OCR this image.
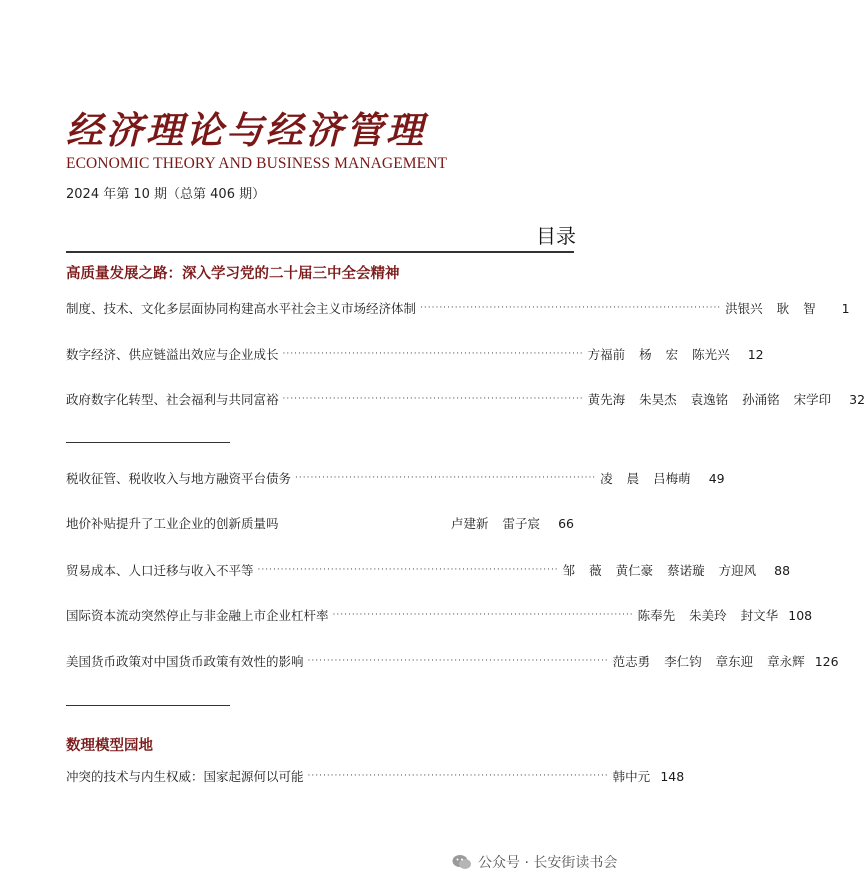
经济理论与经济管理
ECONOMIC THEORY AND BUSINESS MANAGEMENT
2024 年第 10 期（总第 406 期）
目录
高质量发展之路：深入学习党的二十届三中全会精神
制度、技术、文化多层面协同构建高水平社会主义市场经济体制 ·············································································· 洪银兴 耿 智	1
数字经济、供应链溢出效应与企业成长 ·············································································· 方福前 杨 宏 陈光兴	12
政府数字化转型、社会福利与共同富裕 ·············································································· 黄先海 朱昊杰 袁逸铭 孙涌铭 宋学印	32
税收征管、税收收入与地方融资平台债务 ·············································································· 凌 晨 吕梅萌	49
地价补贴提升了工业企业的创新质量吗	卢建新 雷子宸	66
贸易成本、人口迁移与收入不平等 ·············································································· 邹 薇 黄仁豪 蔡诺璇 方迎风	88
国际资本流动突然停止与非金融上市企业杠杆率 ·············································································· 陈奉先 朱美玲 封文华 108
美国货币政策对中国货币政策有效性的影响 ·············································································· 范志勇 李仁钧 章东迎 章永辉 126
数理模型园地
冲突的技术与内生权威：国家起源何以可能 ·············································································· 韩中元 148
公众号 · 长安街读书会
